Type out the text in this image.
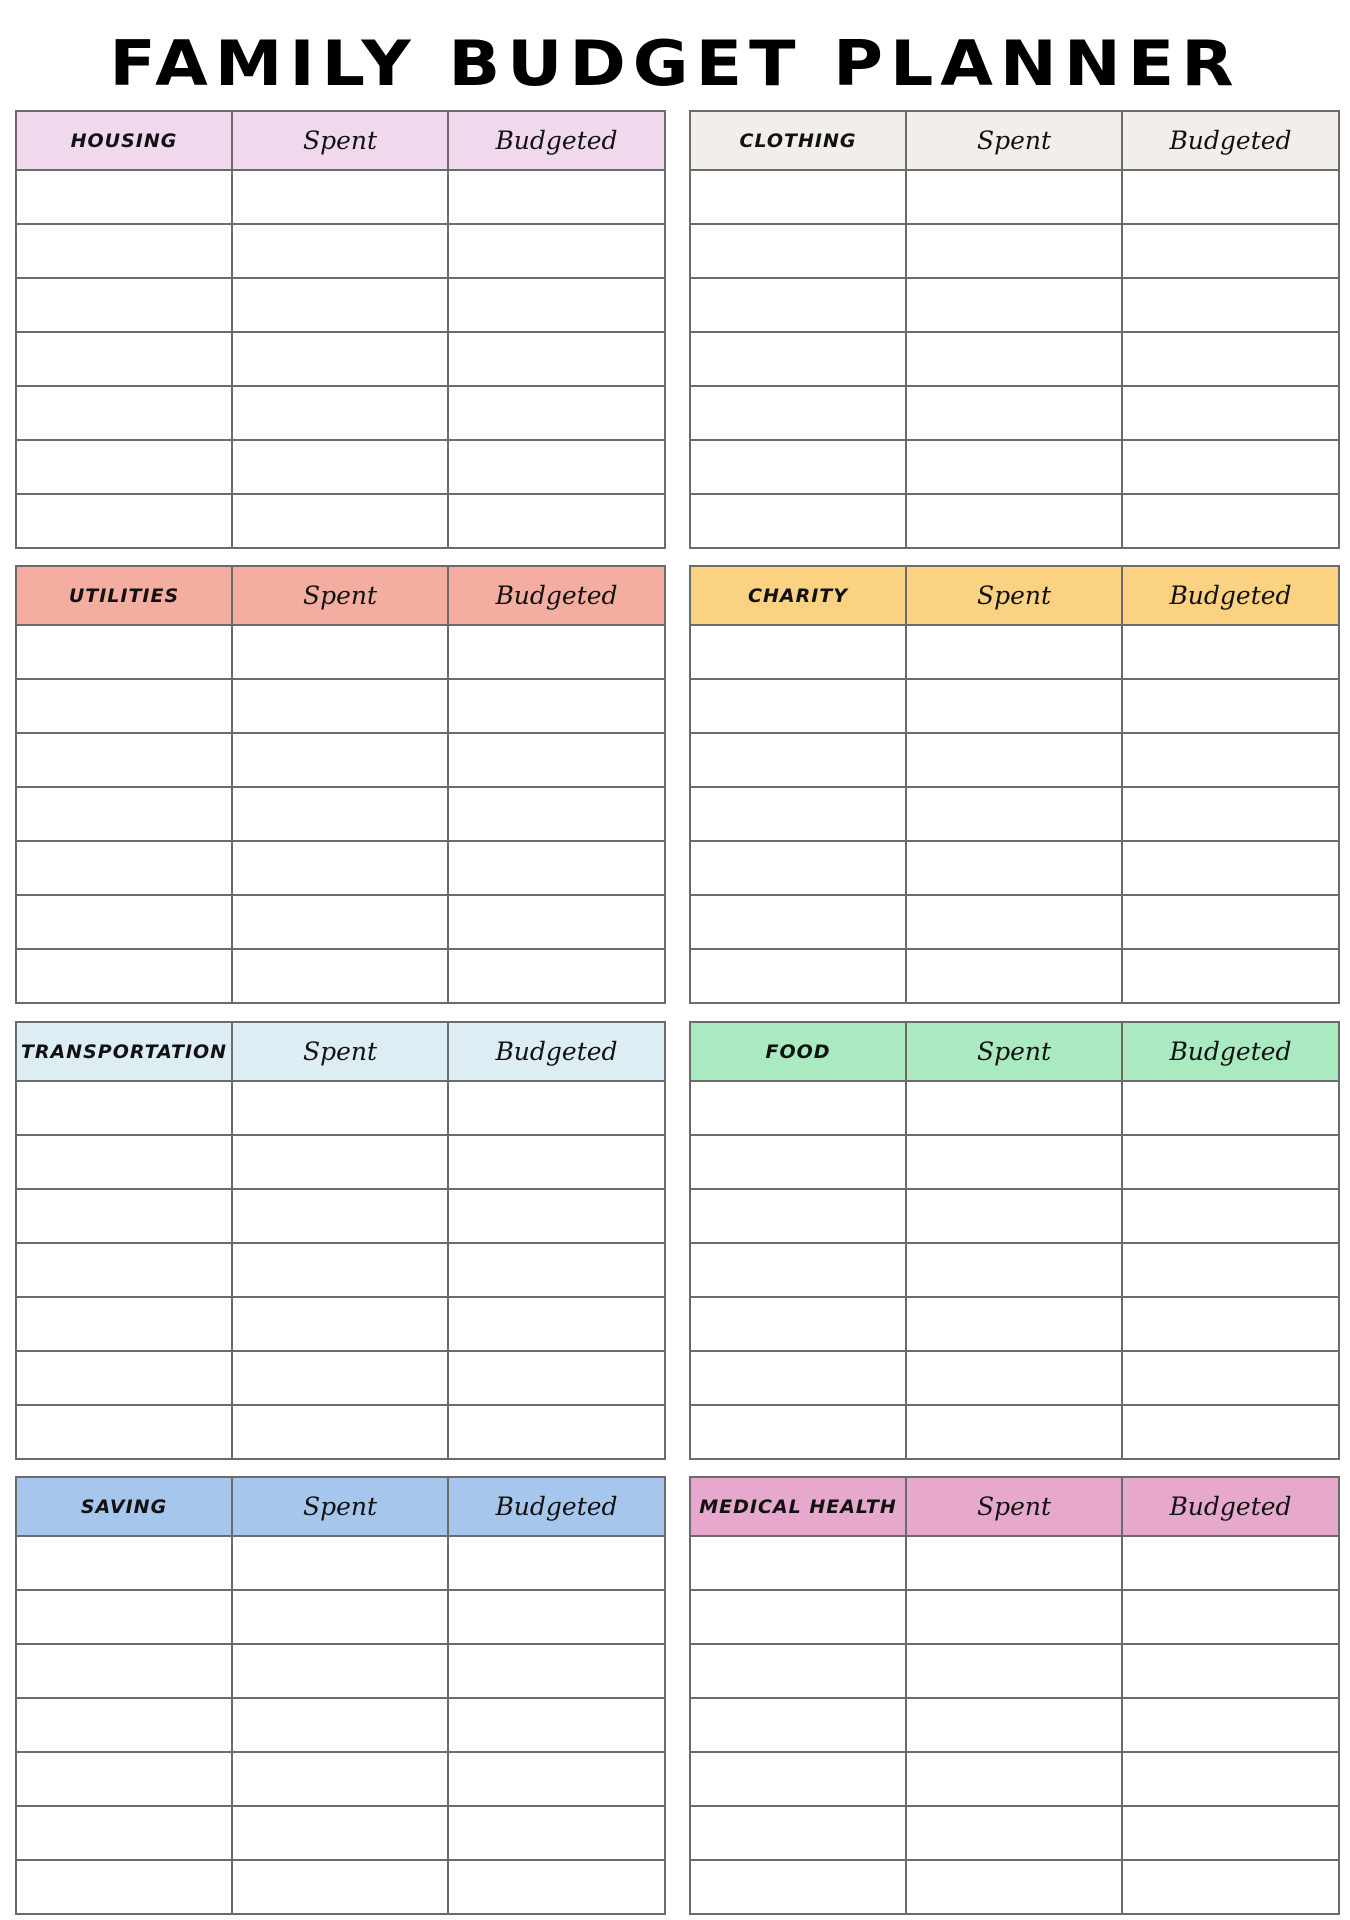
FAMILY BUDGET PLANNER
HOUSING	Spent	Budgeted

			CLOTHING	Spent	Budgeted

UTILITIES	Spent	Budgeted

			CHARITY	Spent	Budgeted

TRANSPORTATION	Spent	Budgeted

			FOOD	Spent	Budgeted

SAVING	Spent	Budgeted

			MEDICAL HEALTH	Spent	Budgeted
